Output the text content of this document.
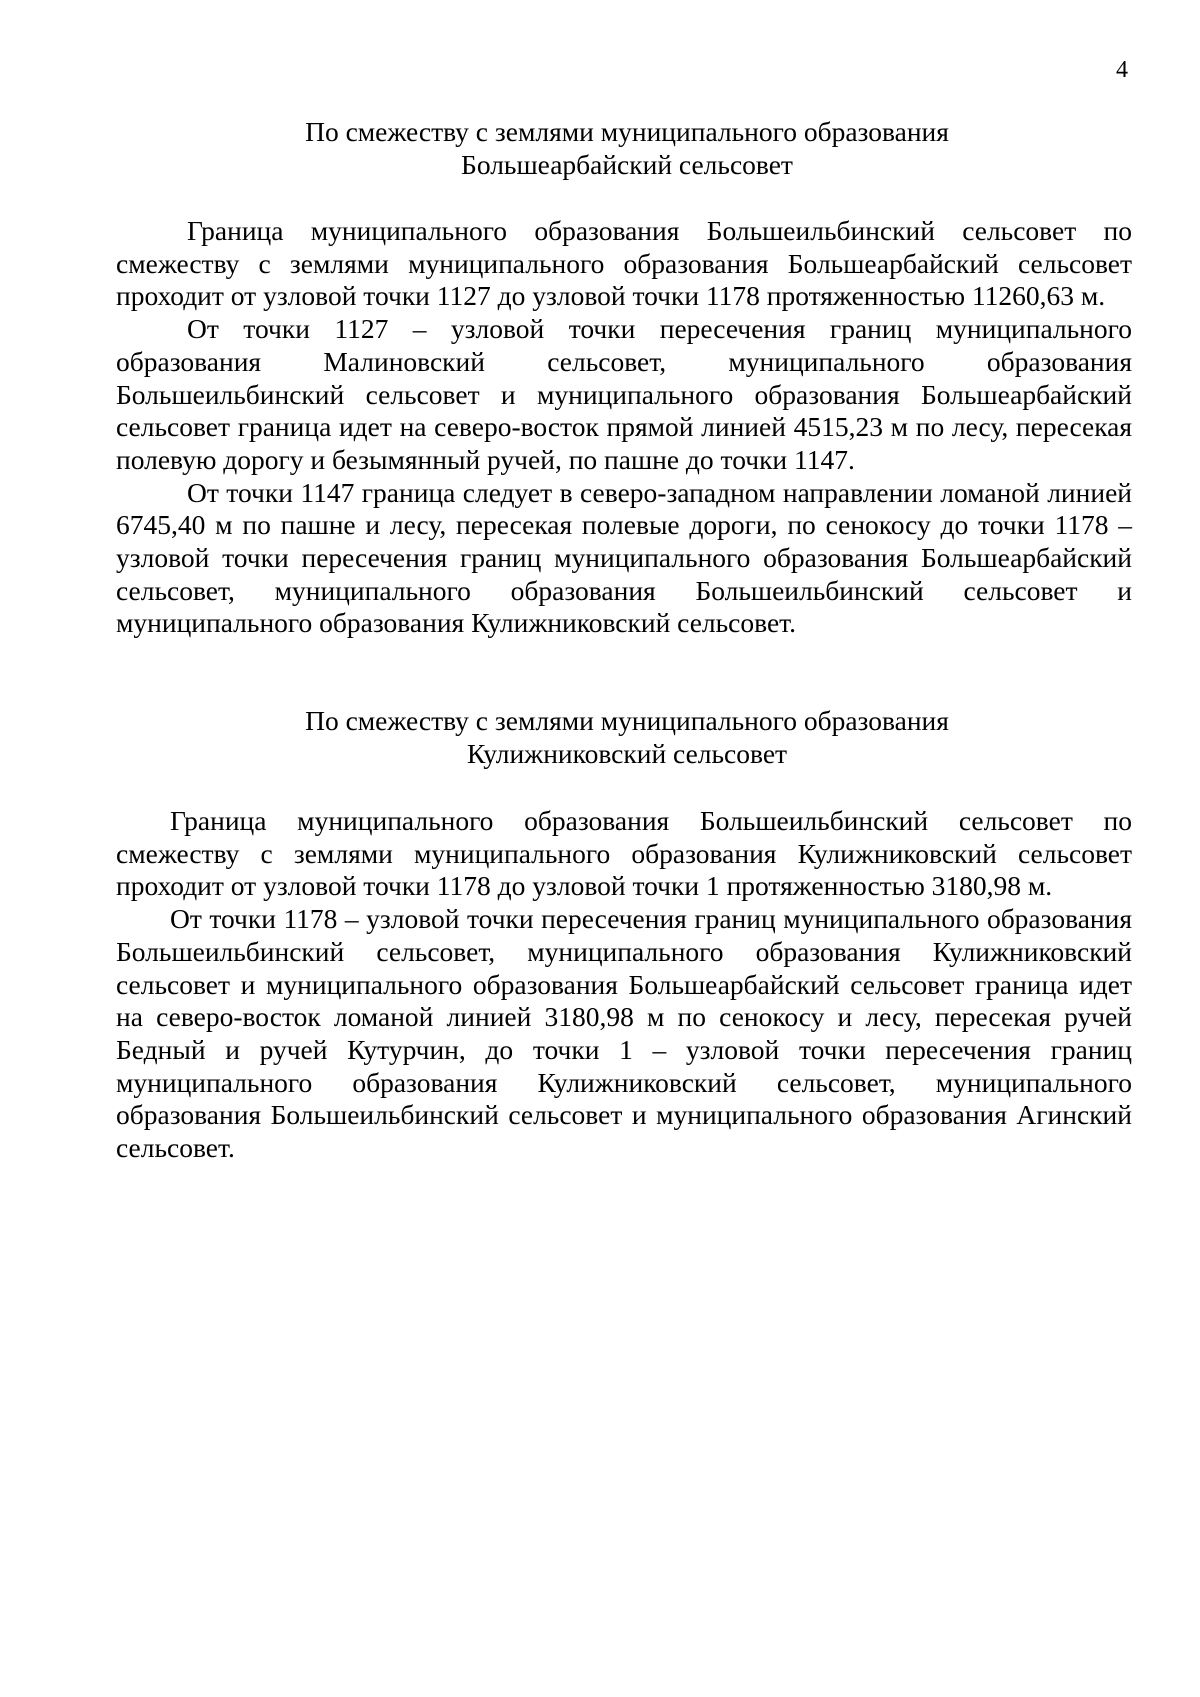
4

По смежеству с землями муниципального образования

Большеарбайский сельсовет

Граница муниципального образования Большеильбинский сельсовет по смежеству с землями муниципального образования Большеарбайский сельсовет проходит от узловой точки 1127 до узловой точки 1178 протяженностью 11260,63 м.

От точки 1127 – узловой точки пересечения границ муниципального образования Малиновский сельсовет, муниципального образования Большеильбинский сельсовет и муниципального образования Большеарбайский сельсовет граница идет на северо-восток прямой линией 4515,23 м по лесу, пересекая полевую дорогу и безымянный ручей, по пашне до точки 1147.

От точки 1147 граница следует в северо-западном направлении ломаной линией 6745,40 м по пашне и лесу, пересекая полевые дороги, по сенокосу до точки 1178 – узловой точки пересечения границ муниципального образования Большеарбайский сельсовет, муниципального образования Большеильбинский сельсовет и муниципального образования Кулижниковский сельсовет.

По смежеству с землями муниципального образования

Кулижниковский сельсовет

Граница муниципального образования Большеильбинский сельсовет по смежеству с землями муниципального образования Кулижниковский сельсовет проходит от узловой точки 1178 до узловой точки 1 протяженностью 3180,98 м.

От точки 1178 – узловой точки пересечения границ муниципального образования Большеильбинский сельсовет, муниципального образования Кулижниковский сельсовет и муниципального образования Большеарбайский сельсовет граница идет на северо-восток ломаной линией 3180,98 м по сенокосу и лесу, пересекая ручей Бедный и ручей Кутурчин, до точки 1 – узловой точки пересечения границ муниципального образования Кулижниковский сельсовет, муниципального образования Большеильбинский сельсовет и муниципального образования Агинский сельсовет.
